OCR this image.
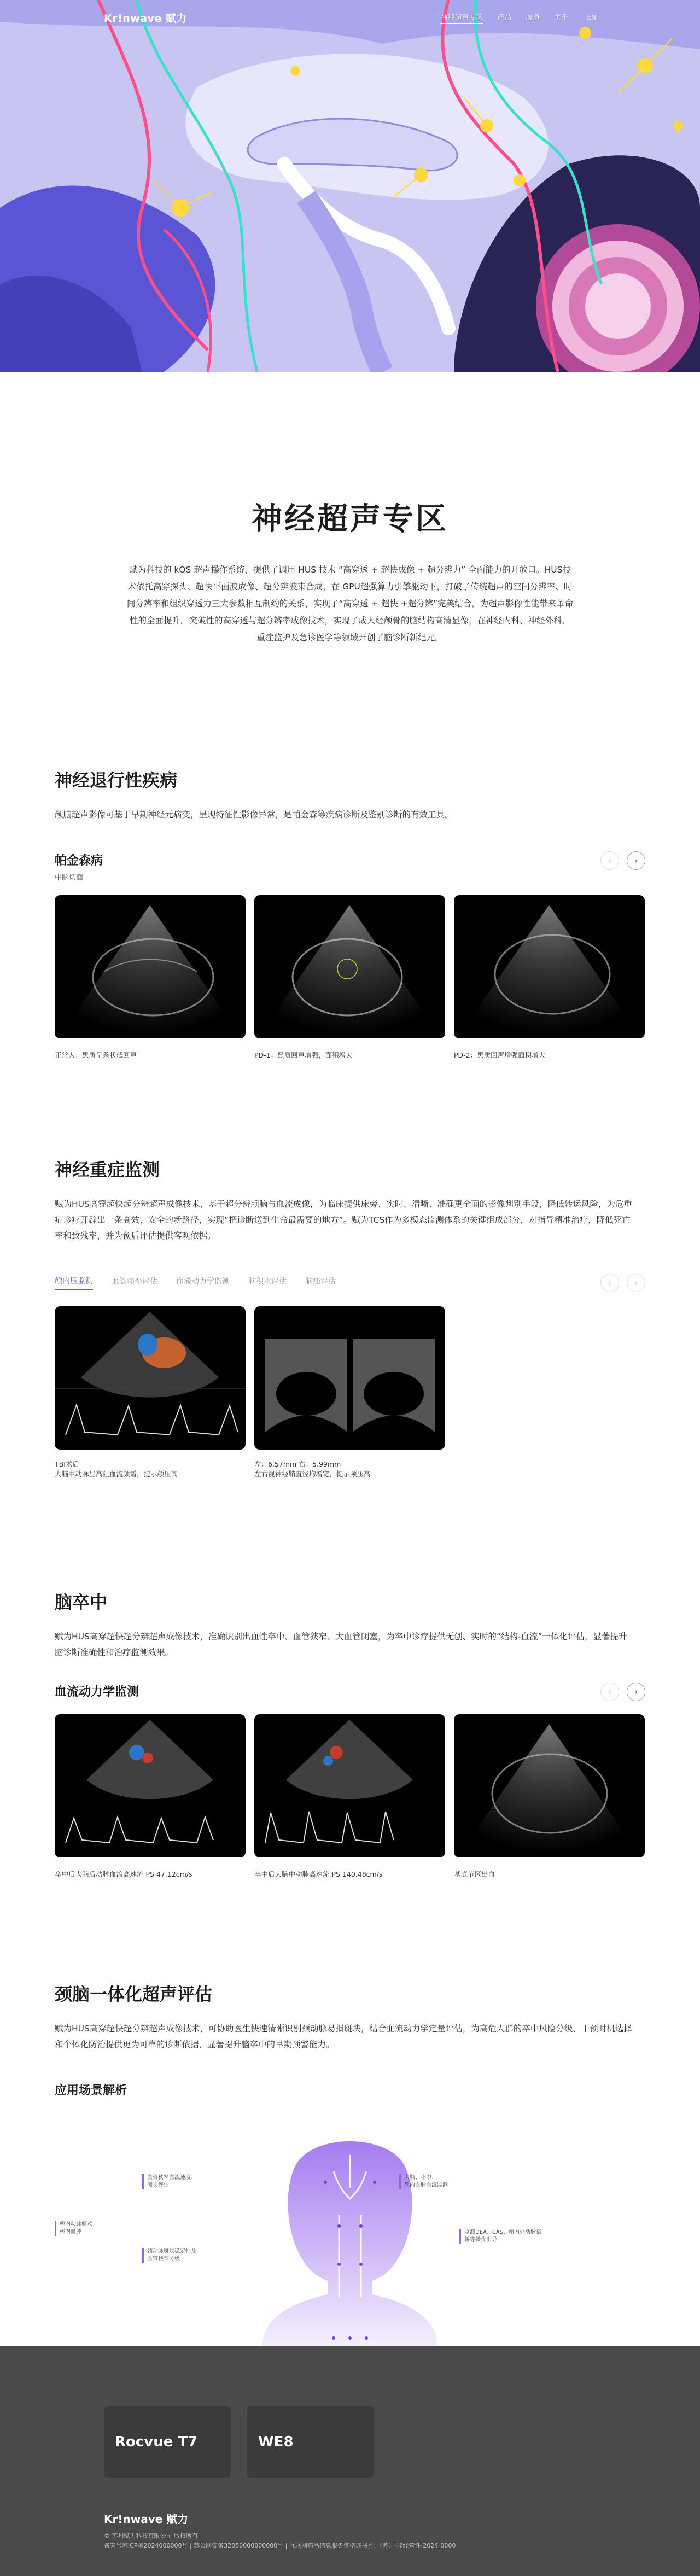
Kr!nwave 赋力	神经超声专区 产品 服务 关于	EN
神经超声专区

赋为科技的 kOS 超声操作系统，提供了调用 HUS 技术 “高穿透 + 超快成像 + 超分辨力” 全面能力的开放口。HUS技术依托高穿探头、超快平面波成像、超分辨波束合成，在 GPU超强算力引擎驱动下，打破了传统超声的空间分辨率、时间分辨率和组织穿透力三大参数相互制约的关系，实现了“高穿透 + 超快 +超分辨”完美结合，为超声影像性能带来革命性的全面提升。突破性的高穿透与超分辨率成像技术，实现了成人经颅骨的脑结构高清显像，在神经内科、神经外科、重症监护及急诊医学等领域开创了脑诊断新纪元。

神经退行性疾病

颅脑超声影像可基于早期神经元病变，呈现特征性影像异常，是帕金森等疾病诊断及鉴别诊断的有效工具。

帕金森病
中脑切面
‹	›
正常人：黑质呈条状低回声	PD-1：黑质回声增强，面积增大	PD-2：黑质回声增强面积增大
神经重症监测

赋为HUS高穿超快超分辨超声成像技术，基于超分辨颅脑与血流成像，为临床提供床旁、实时、清晰、准确更全面的影像判别手段，降低转运风险，为危重症诊疗开辟出一条高效、安全的新路径，实现“把诊断送到生命最需要的地方”。赋为TCS作为多模态监测体系的关键组成部分，对指导精准治疗，降低死亡率和致残率，并为预后评估提供客观依据。

颅内压监测 血管痉挛评估 血流动力学监测 脑积水评估 脑疝评估	‹	›
TBI术后
大脑中动脉呈高阻血流频谱，提示颅压高
左：6.57mm 右：5.99mm
左右视神经鞘直径均增宽，提示颅压高
脑卒中

赋为HUS高穿超快超分辨超声成像技术，准确识别出血性卒中、血管狭窄、大血管闭塞，为卒中诊疗提供无创、实时的“结构-血流”一体化评估，显著提升脑诊断准确性和治疗监测效果。

血流动力学监测	‹	›
卒中后大脑后动脉血流高速流 PS 47.12cm/s	卒中后大脑中动脉高速流 PS 140.48cm/s	基底节区出血
颈脑一体化超声评估

赋为HUS高穿超快超分辨超声成像技术，可协助医生快速清晰识别颈动脉易损斑块，结合血流动力学定量评估，为高危人群的卒中风险分级、干预时机选择和个体化防治提供更为可靠的诊断依据，显著提升脑卒中的早期预警能力。

应用场景解析
血管狭窄血流速度、
侧支评估
颅内动脉瘤及
颅内血肿
颈动脉斑块稳定性及
血管狭窄分级
大脑、小中、
颅内血肿血流监测
监测DEA、CAS、颅内外动脉搭
桥等操作引导
Rocvue T7	WE8
Kr!nwave 赋力
© 苏州赋力科技有限公司 版权所有
备案号苏ICP备2024000000号 | 苏公网安备32050000000000号 | 互联网药品信息服务资格证书号：（苏）-非经营性-2024-0000
